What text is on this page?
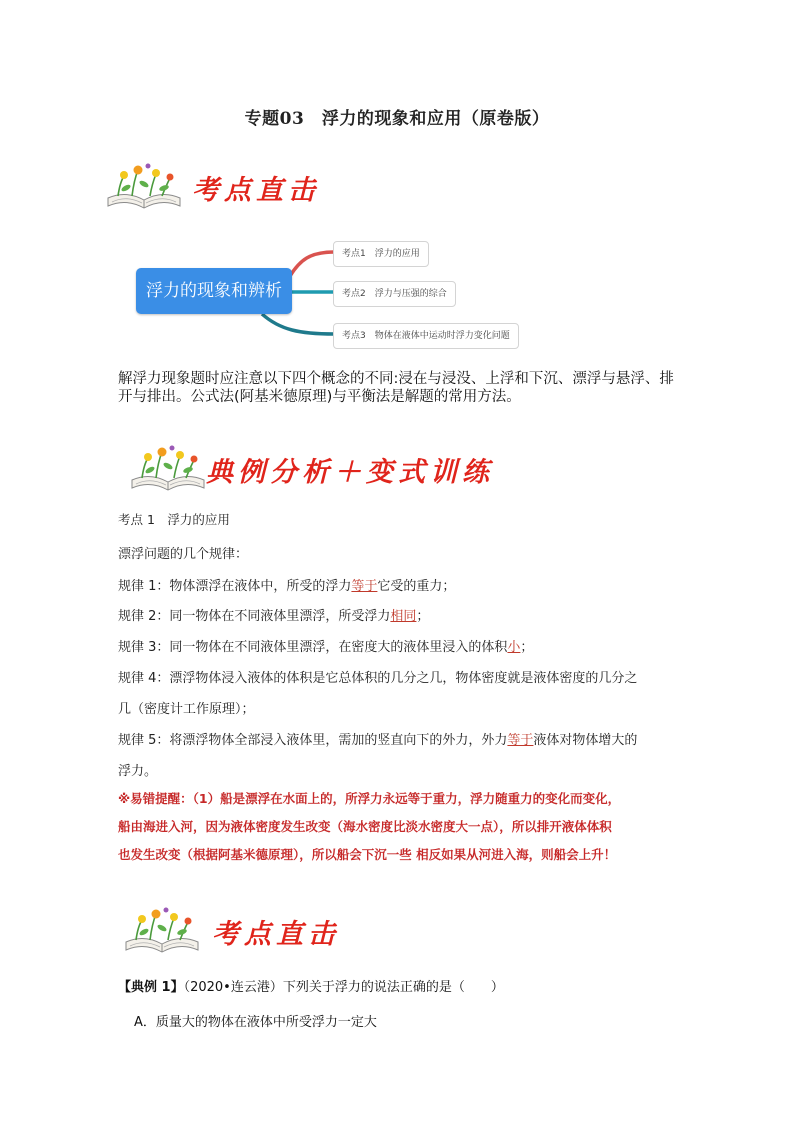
专题03　浮力的现象和应用（原卷版）
考点直击
浮力的现象和辨析
考点1　浮力的应用
考点2　浮力与压强的综合
考点3　物体在液体中运动时浮力变化问题
解浮力现象题时应注意以下四个概念的不同:浸在与浸没、上浮和下沉、漂浮与悬浮、排开与排出。公式法(阿基米德原理)与平衡法是解题的常用方法。
典例分析＋变式训练
考点 1　浮力的应用
漂浮问题的几个规律：
规律 1：物体漂浮在液体中，所受的浮力等于它受的重力；
规律 2：同一物体在不同液体里漂浮，所受浮力相同；
规律 3：同一物体在不同液体里漂浮，在密度大的液体里浸入的体积小；
规律 4：漂浮物体浸入液体的体积是它总体积的几分之几，物体密度就是液体密度的几分之
几（密度计工作原理）；
规律 5：将漂浮物体全部浸入液体里，需加的竖直向下的外力，外力等于液体对物体增大的
浮力。
※易错提醒：（1）船是漂浮在水面上的，所浮力永远等于重力，浮力随重力的变化而变化，
船由海进入河，因为液体密度发生改变（海水密度比淡水密度大一点），所以排开液体体积
也发生改变（根据阿基米德原理），所以船会下沉一些 相反如果从河进入海，则船会上升！
考点直击
【典例 1】（2020•连云港）下列关于浮力的说法正确的是（　　）
A．质量大的物体在液体中所受浮力一定大
